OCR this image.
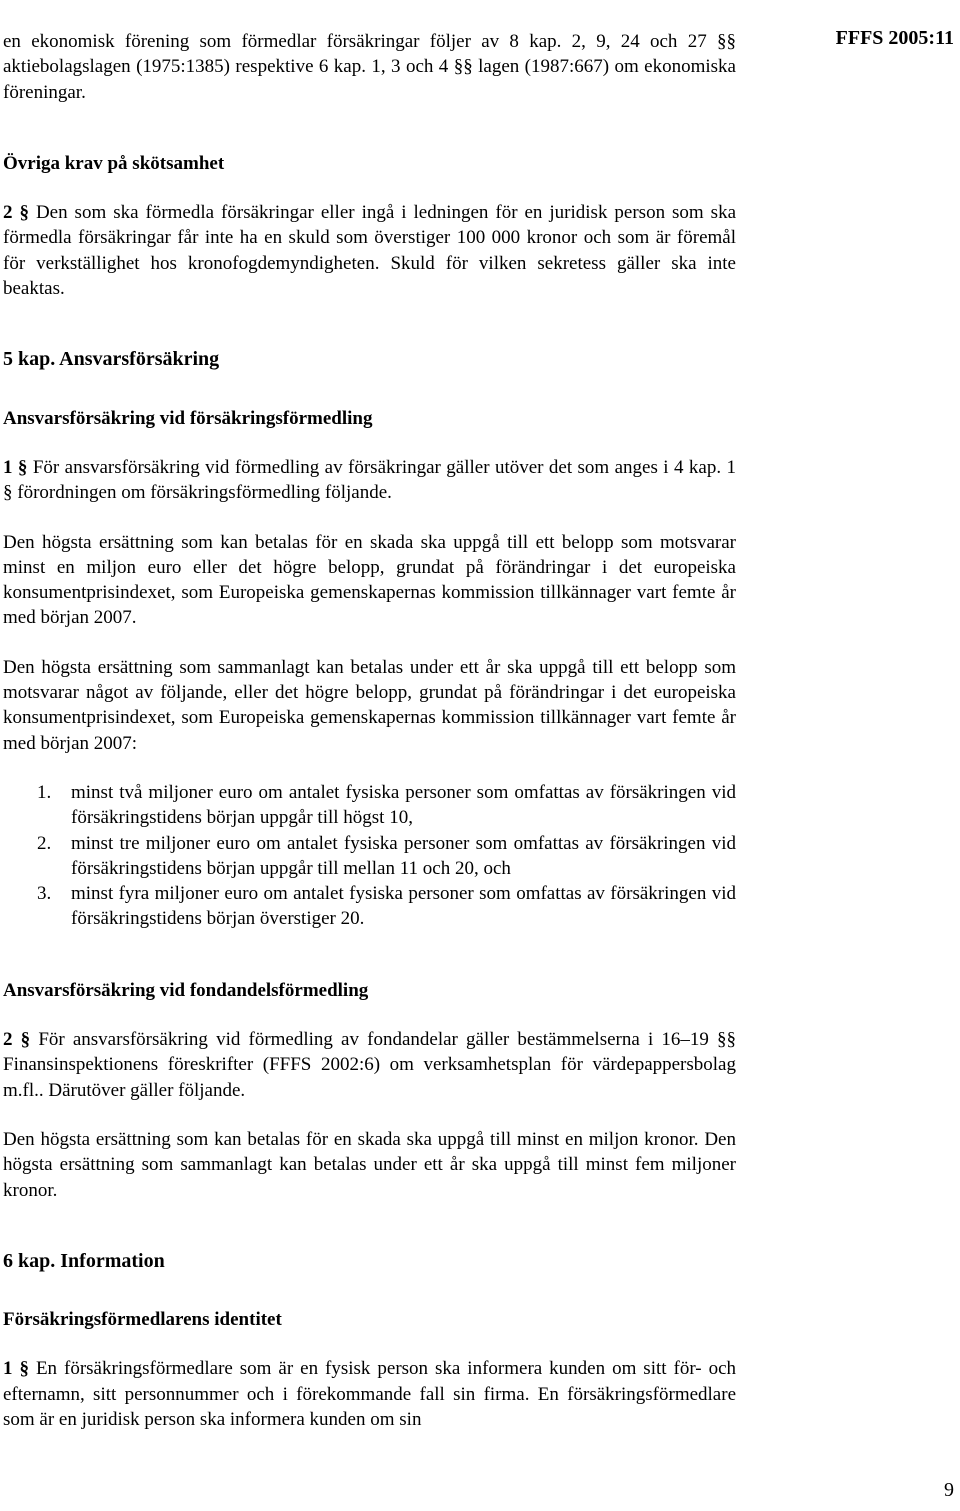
FFFS 2005:11

en ekonomisk förening som förmedlar försäkringar följer av 8 kap. 2, 9, 24 och 27 §§ aktiebolagslagen (1975:1385) respektive 6 kap. 1, 3 och 4 §§ lagen (1987:667) om ekonomiska föreningar.

Övriga krav på skötsamhet

2 § Den som ska förmedla försäkringar eller ingå i ledningen för en juridisk person som ska förmedla försäkringar får inte ha en skuld som överstiger 100 000 kronor och som är föremål för verkställighet hos kronofogdemyndigheten. Skuld för vilken sekretess gäller ska inte beaktas.

5 kap. Ansvarsförsäkring
Ansvarsförsäkring vid försäkringsförmedling

1 § För ansvarsförsäkring vid förmedling av försäkringar gäller utöver det som anges i 4 kap. 1 § förordningen om försäkringsförmedling följande.

Den högsta ersättning som kan betalas för en skada ska uppgå till ett belopp som motsvarar minst en miljon euro eller det högre belopp, grundat på förändringar i det europeiska konsumentprisindexet, som Europeiska gemenskapernas kommission tillkännager vart femte år med början 2007.

Den högsta ersättning som sammanlagt kan betalas under ett år ska uppgå till ett belopp som motsvarar något av följande, eller det högre belopp, grundat på förändringar i det europeiska konsumentprisindexet, som Europeiska gemenskapernas kommission tillkännager vart femte år med början 2007:

1.	minst två miljoner euro om antalet fysiska personer som omfattas av försäkringen vid försäkringstidens början uppgår till högst 10,
2.	minst tre miljoner euro om antalet fysiska personer som omfattas av försäkringen vid försäkringstidens början uppgår till mellan 11 och 20, och
3.	minst fyra miljoner euro om antalet fysiska personer som omfattas av försäkringen vid försäkringstidens början överstiger 20.
Ansvarsförsäkring vid fondandelsförmedling

2 § För ansvarsförsäkring vid förmedling av fondandelar gäller bestämmelserna i 16–19 §§ Finansinspektionens föreskrifter (FFFS 2002:6) om verksamhetsplan för värdepappersbolag m.fl.. Därutöver gäller följande.

Den högsta ersättning som kan betalas för en skada ska uppgå till minst en miljon kronor. Den högsta ersättning som sammanlagt kan betalas under ett år ska uppgå till minst fem miljoner kronor.

6 kap. Information
Försäkringsförmedlarens identitet

1 § En försäkringsförmedlare som är en fysisk person ska informera kunden om sitt för- och efternamn, sitt personnummer och i förekommande fall sin firma. En försäkringsförmedlare som är en juridisk person ska informera kunden om sin

9
